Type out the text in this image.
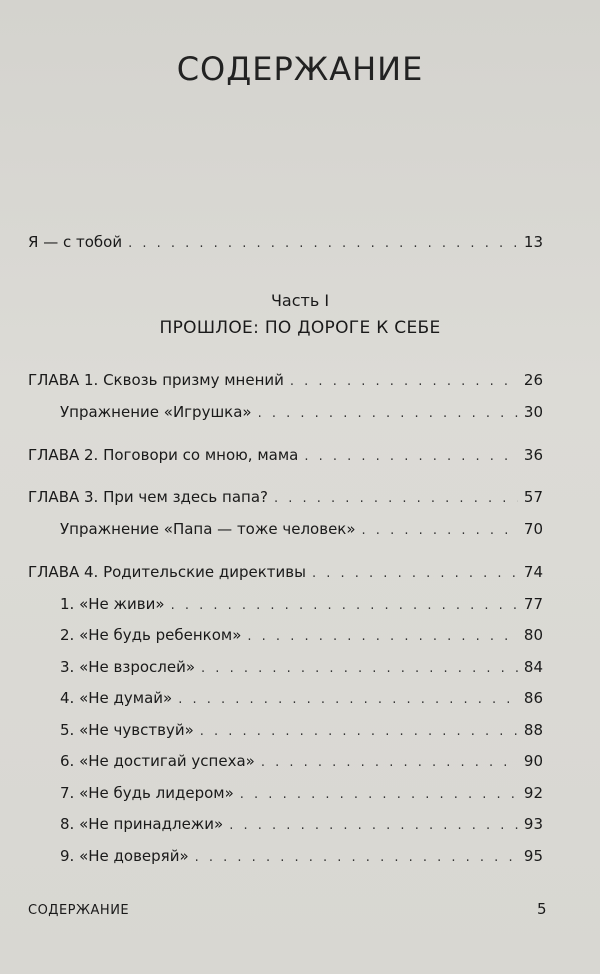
СОДЕРЖАНИЕ
Я — с тобой . . .	13
Часть I
ПРОШЛОЕ: ПО ДОРОГЕ К СЕБЕ
ГЛАВА 1. Сквозь призму мнений . . .	26
Упражнение «Игрушка» . . .	30
ГЛАВА 2. Поговори со мною, мама . . .	36
ГЛАВА 3. При чем здесь папа? . . .	57
Упражнение «Папа — тоже человек» . . .	70
ГЛАВА 4. Родительские директивы . . .	74
1. «Не живи» . . .	77
2. «Не будь ребенком» . . .	80
3. «Не взрослей» . . .	84
4. «Не думай» . . .	86
5. «Не чувствуй» . . .	88
6. «Не достигай успеха» . . .	90
7. «Не будь лидером» . . .	92
8. «Не принадлежи» . . .	93
9. «Не доверяй» . . .	95
СОДЕРЖАНИЕ	5
